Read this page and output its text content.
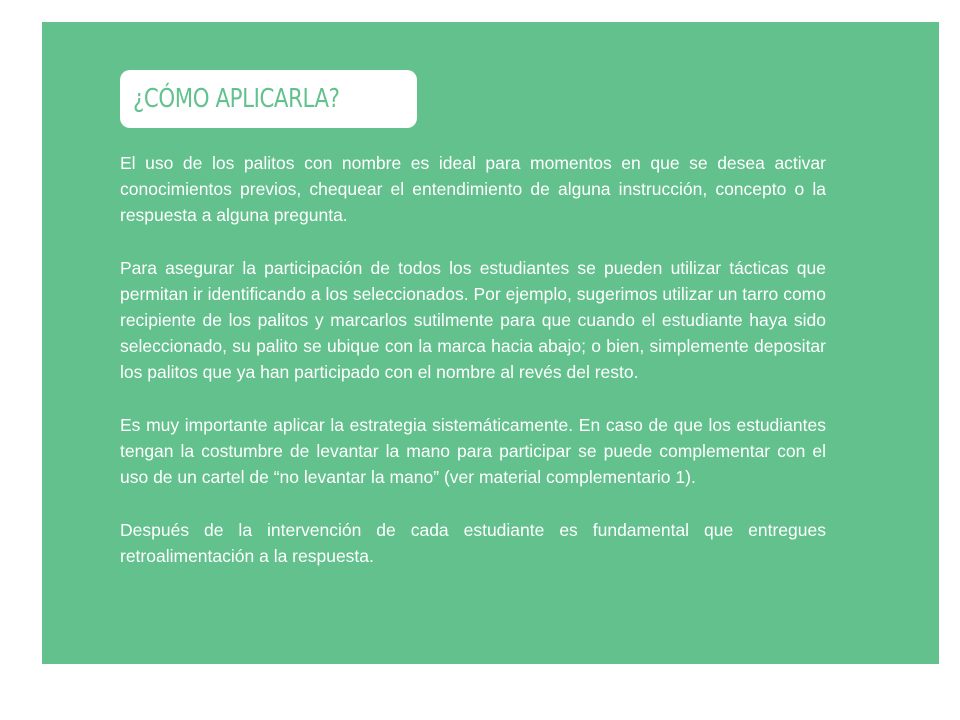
¿CÓMO APLICARLA?

El uso de los palitos con nombre es ideal para momentos en que se desea activar conocimientos previos, chequear el entendimiento de alguna instrucción, concepto o la respuesta a alguna pregunta.

Para asegurar la participación de todos los estudiantes se pueden utilizar tácticas que permitan ir identificando a los seleccionados. Por ejemplo, sugerimos utilizar un tarro como recipiente de los palitos y marcarlos sutilmente para que cuando el estudiante haya sido seleccionado, su palito se ubique con la marca hacia abajo; o bien, simplemente depositar los palitos que ya han participado con el nombre al revés del resto.

Es muy importante aplicar la estrategia sistemáticamente. En caso de que los estudiantes tengan la costumbre de levantar la mano para participar se puede complementar con el uso de un cartel de “no levantar la mano” (ver material complementario 1).

Después de la intervención de cada estudiante es fundamental que entregues retroalimentación a la respuesta.
